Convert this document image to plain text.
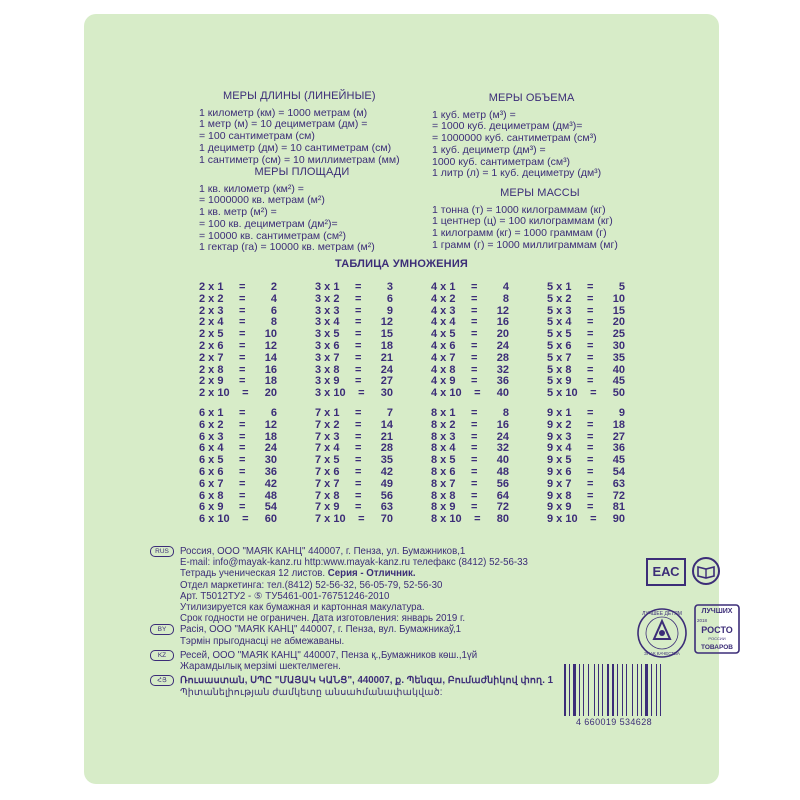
МЕРЫ ДЛИНЫ (ЛИНЕЙНЫЕ)
1 километр (км) = 1000 метрам (м)
1 метр (м) = 10 дециметрам (дм) =
= 100 сантиметрам (см)
1 дециметр (дм) = 10 сантиметрам (см)
1 сантиметр (см) = 10 миллиметрам (мм)
МЕРЫ ПЛОЩАДИ
1 кв. километр (км²) =
= 1000000 кв. метрам (м²)
1 кв. метр (м²) =
= 100 кв. дециметрам (дм²)=
= 10000 кв. сантиметрам (см²)
1 гектар (га) = 10000 кв. метрам (м²)
МЕРЫ ОБЪЕМА
1 куб. метр (м³) =
= 1000 куб. дециметрам (дм³)=
= 1000000 куб. сантиметрам (см³)
1 куб. дециметр (дм³) =
1000 куб. сантиметрам (см³)
1 литр (л) = 1 куб. дециметру (дм³)
МЕРЫ МАССЫ
1 тонна (т) = 1000 килограммам (кг)
1 центнер (ц) = 100 килограммам (кг)
1 килограмм (кг) = 1000 граммам (г)
1 грамм (г) = 1000 миллиграммам (мг)
ТАБЛИЦА УМНОЖЕНИЯ
2 x 1 =	2
2 x 2 =	4
2 x 3 =	6
2 x 4 =	8
2 x 5 =	10
2 x 6 =	12
2 x 7 =	14
2 x 8 =	16
2 x 9 =	18
2 x 10 =	20
3 x 1 =	3
3 x 2 =	6
3 x 3 =	9
3 x 4 =	12
3 x 5 =	15
3 x 6 =	18
3 x 7 =	21
3 x 8 =	24
3 x 9 =	27
3 x 10 =	30
4 x 1 =	4
4 x 2 =	8
4 x 3 =	12
4 x 4 =	16
4 x 5 =	20
4 x 6 =	24
4 x 7 =	28
4 x 8 =	32
4 x 9 =	36
4 x 10 =	40
5 x 1 =	5
5 x 2 =	10
5 x 3 =	15
5 x 4 =	20
5 x 5 =	25
5 x 6 =	30
5 x 7 =	35
5 x 8 =	40
5 x 9 =	45
5 x 10 =	50
6 x 1 =	6
6 x 2 =	12
6 x 3 =	18
6 x 4 =	24
6 x 5 =	30
6 x 6 =	36
6 x 7 =	42
6 x 8 =	48
6 x 9 =	54
6 x 10 =	60
7 x 1 =	7
7 x 2 =	14
7 x 3 =	21
7 x 4 =	28
7 x 5 =	35
7 x 6 =	42
7 x 7 =	49
7 x 8 =	56
7 x 9 =	63
7 x 10 =	70
8 x 1 =	8
8 x 2 =	16
8 x 3 =	24
8 x 4 =	32
8 x 5 =	40
8 x 6 =	48
8 x 7 =	56
8 x 8 =	64
8 x 9 =	72
8 x 10 =	80
9 x 1 =	9
9 x 2 =	18
9 x 3 =	27
9 x 4 =	36
9 x 5 =	45
9 x 6 =	54
9 x 7 =	63
9 x 8 =	72
9 x 9 =	81
9 x 10 =	90
RUS Россия, ООО "МАЯК КАНЦ" 440007, г. Пенза, ул. Бумажников,1
E-mail: info@mayak-kanz.ru http:www.mayak-kanz.ru телефакс (8412) 52-56-33
Тетрадь ученическая 12 листов. Серия - Отличник.
Отдел маркетинга: тел.(8412) 52-56-32, 56-05-79, 52-56-30
Арт. Т5012ТУ2 - ⑤ ТУ5461-001-76751246-2010
Утилизируется как бумажная и картонная макулатура.
Срок годности не ограничен. Дата изготовления: январь 2019 г.
BY Расія, ООО "МАЯК КАНЦ" 440007, г. Пенза, вул. Бумажникаў,1
Тэрмін прыгоднасці не абмежаваны.
KZ Ресей, ООО "МАЯК КАНЦ" 440007, Пенза қ.,Бумажников көш.,1үй
Жарамдылық мерзімі шектелмеген.
ՀՅ Ռուսաստան, ՍՊԸ "ՄԱՅԱԿ ԿԱՆՑ", 440007, ք. Պենզա, Բումաժնիկով փող. 1
Պիտանելիության ժամկետը անսահմանափակված:
ЕАС
ЛУЧШЕЕ ДЕТЯМ
ЗНАК КАЧЕСТВА
ЛУЧШИХ
2018
РОСТО
РОССИИ
ТОВАРОВ
4 660019 534628
